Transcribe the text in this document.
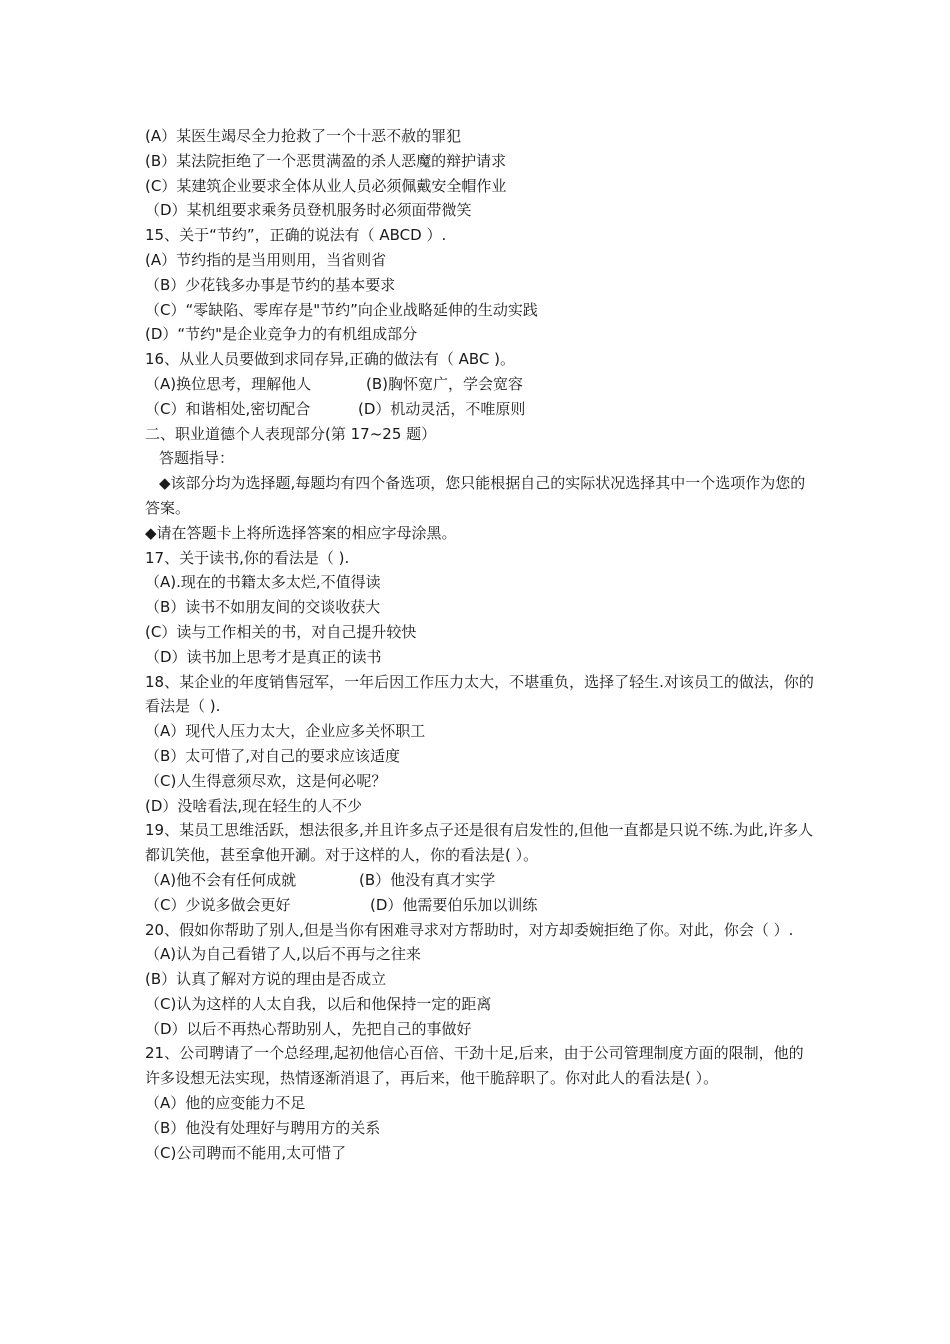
(A）某医生竭尽全力抢救了一个十恶不赦的罪犯
(B）某法院拒绝了一个恶贯满盈的杀人恶魔的辩护请求
(C）某建筑企业要求全体从业人员必须佩戴安全帽作业
（D）某机组要求乘务员登机服务时必须面带微笑
15、关于“节约”，正确的说法有（ ABCD ）.
(A）节约指的是当用则用，当省则省
（B）少花钱多办事是节约的基本要求
（C）“零缺陷、零库存是"节约”向企业战略延伸的生动实践
(D）“节约"是企业竞争力的有机组成部分
16、从业人员要做到求同存异,正确的做法有（ ABC )。
（A)换位思考，理解他人	(B)胸怀宽广，学会宽容
（C）和谐相处,密切配合	(D）机动灵活，不唯原则
二、职业道德个人表现部分(第 17~25 题）
答题指导：
◆该部分均为选择题,每题均有四个备选项，您只能根据自己的实际状况选择其中一个选项作为您的答案。
◆请在答题卡上将所选择答案的相应字母涂黑。
17、关于读书,你的看法是（ ).
（A).现在的书籍太多太烂,不值得读
（B）读书不如朋友间的交谈收获大
(C）读与工作相关的书，对自己提升较快
（D）读书加上思考才是真正的读书
18、某企业的年度销售冠军，一年后因工作压力太大，不堪重负，选择了轻生.对该员工的做法，你的看法是（ ).
（A）现代人压力太大，企业应多关怀职工
（B）太可惜了,对自己的要求应该适度
（C)人生得意须尽欢，这是何必呢？
(D）没啥看法,现在轻生的人不少
19、某员工思维活跃，想法很多,并且许多点子还是很有启发性的,但他一直都是只说不练.为此,许多人都讥笑他，甚至拿他开涮。对于这样的人，你的看法是( ）。
（A)他不会有任何成就	(B）他没有真才实学
（C）少说多做会更好	(D）他需要伯乐加以训练
20、假如你帮助了别人,但是当你有困难寻求对方帮助时，对方却委婉拒绝了你。对此，你会（ ）.
（A)认为自己看错了人,以后不再与之往来
(B）认真了解对方说的理由是否成立
（C)认为这样的人太自我，以后和他保持一定的距离
（D）以后不再热心帮助别人，先把自己的事做好
21、公司聘请了一个总经理,起初他信心百倍、干劲十足,后来，由于公司管理制度方面的限制，他的许多设想无法实现，热情逐渐消退了，再后来，他干脆辞职了。你对此人的看法是( ）。
（A）他的应变能力不足
（B）他没有处理好与聘用方的关系
（C)公司聘而不能用,太可惜了
